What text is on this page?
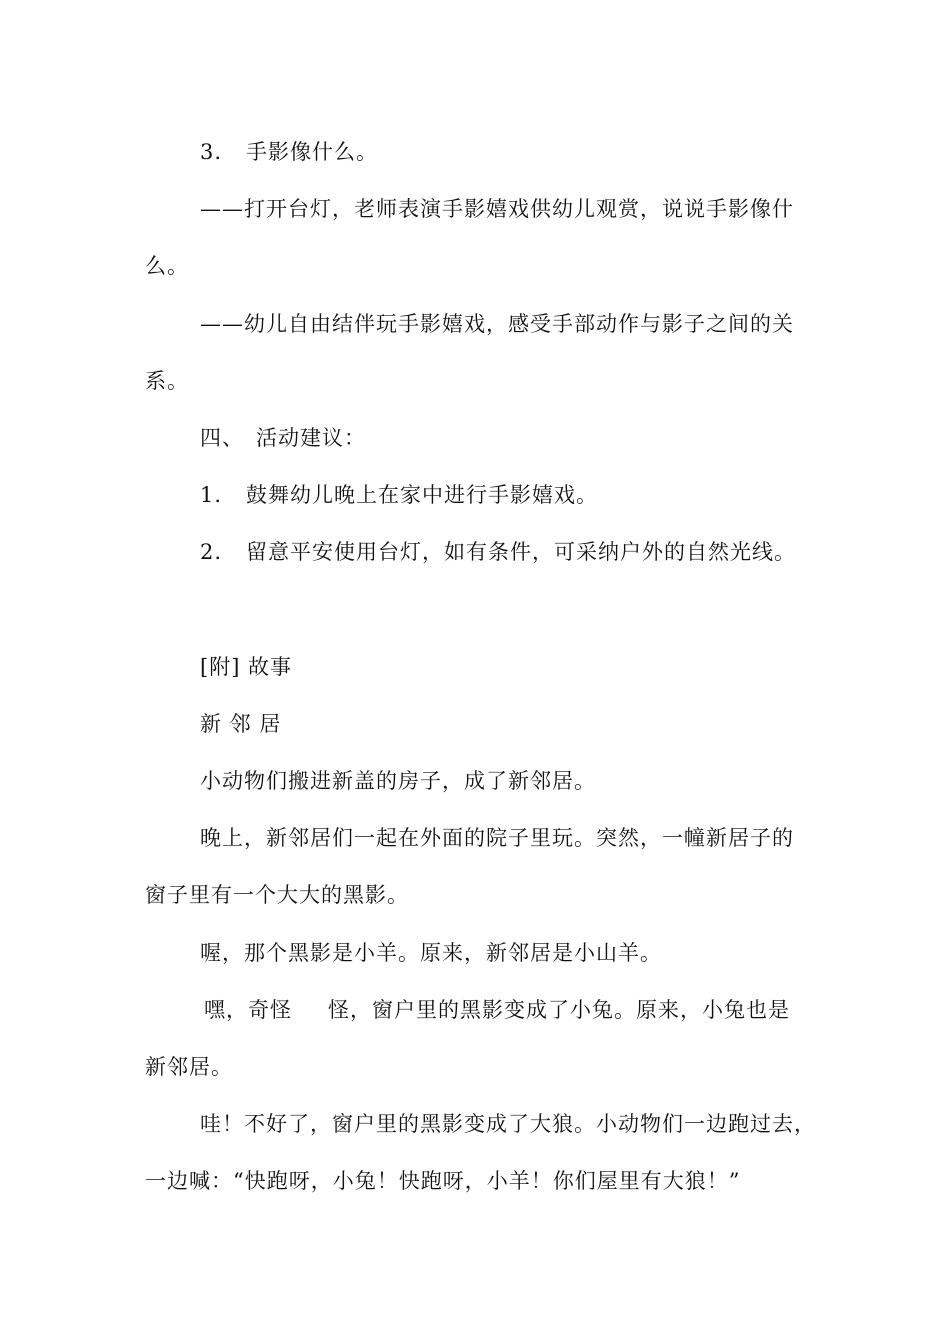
3. 手影像什么。
——打开台灯，老师表演手影嬉戏供幼儿观赏，说说手影像什
么。
——幼儿自由结伴玩手影嬉戏，感受手部动作与影子之间的关
系。
四、 活动建议：
1. 鼓舞幼儿晚上在家中进行手影嬉戏。
2. 留意平安使用台灯，如有条件，可采纳户外的自然光线。
[附] 故事
新 邻 居
小动物们搬进新盖的房子，成了新邻居。
晚上，新邻居们一起在外面的院子里玩。突然，一幢新居子的
窗子里有一个大大的黑影。
喔，那个黑影是小羊。原来，新邻居是小山羊。
嘿，奇怪 怪，窗户里的黑影变成了小兔。原来，小兔也是
新邻居。
哇！不好了，窗户里的黑影变成了大狼。小动物们一边跑过去，
一边喊：“快跑呀，小兔！快跑呀，小羊！你们屋里有大狼！”
